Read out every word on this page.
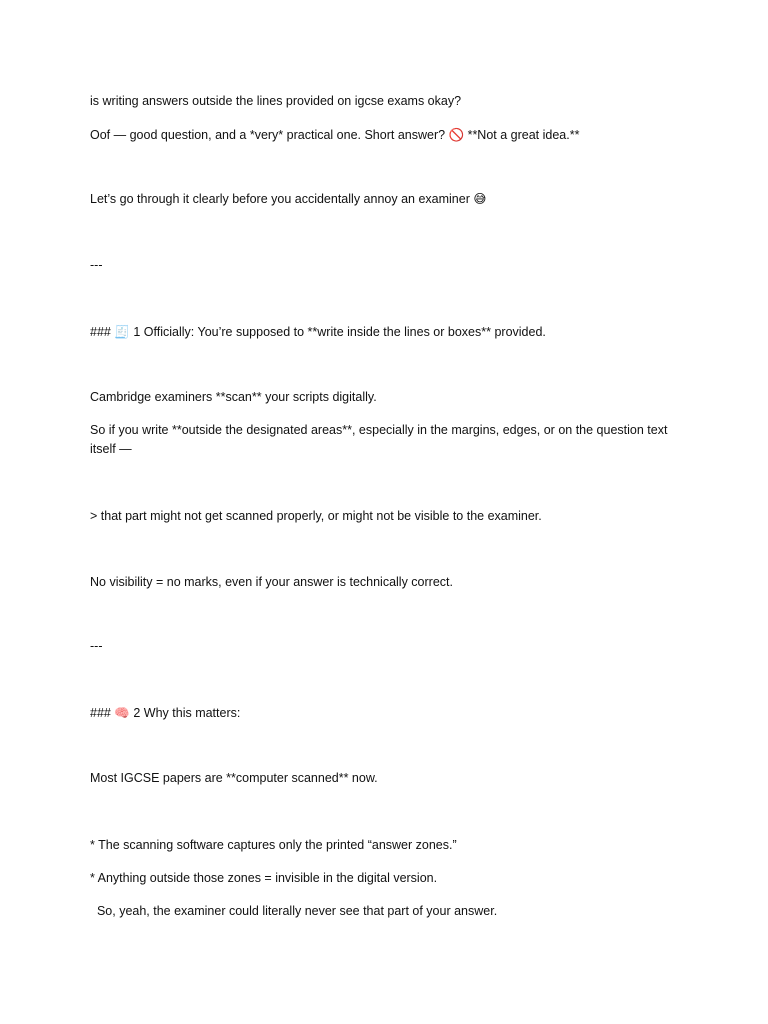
is writing answers outside the lines provided on igcse exams okay?

Oof — good question, and a *very* practical one. Short answer? 🚫 **Not a great idea.**

Let’s go through it clearly before you accidentally annoy an examiner 😅

---

### 🧾 1 Officially: You’re supposed to **write inside the lines or boxes** provided.

Cambridge examiners **scan** your scripts digitally.

So if you write **outside the designated areas**, especially in the margins, edges, or on the question text itself —

> that part might not get scanned properly, or might not be visible to the examiner.

No visibility = no marks, even if your answer is technically correct.

---

### 🧠 2 Why this matters:

Most IGCSE papers are **computer scanned** now.

* The scanning software captures only the printed “answer zones.”

* Anything outside those zones = invisible in the digital version.

So, yeah, the examiner could literally never see that part of your answer.
